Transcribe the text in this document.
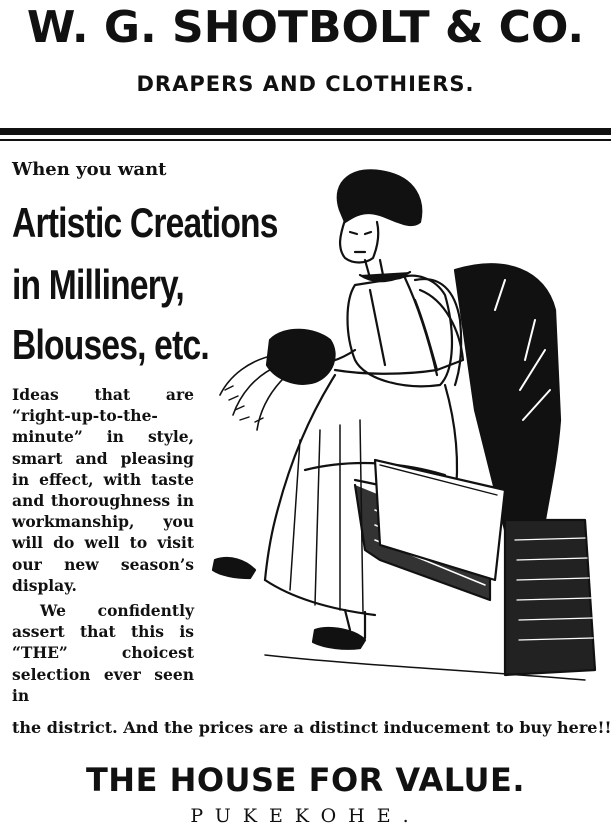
W. G. SHOTBOLT & CO.
DRAPERS AND CLOTHIERS.
When you want
Artistic Creations
in Millinery,
Blouses, etc.

Ideas that are “right-up-to-the-minute” in style, smart and pleasing in effect, with taste and thoroughness in workmanship, you will do well to visit our new season’s display.

We confidently assert that this is “THE” choicest selection ever seen in

the district. And the prices are a distinct inducement to buy here!!
THE HOUSE FOR VALUE.
PUKEKOHE.
